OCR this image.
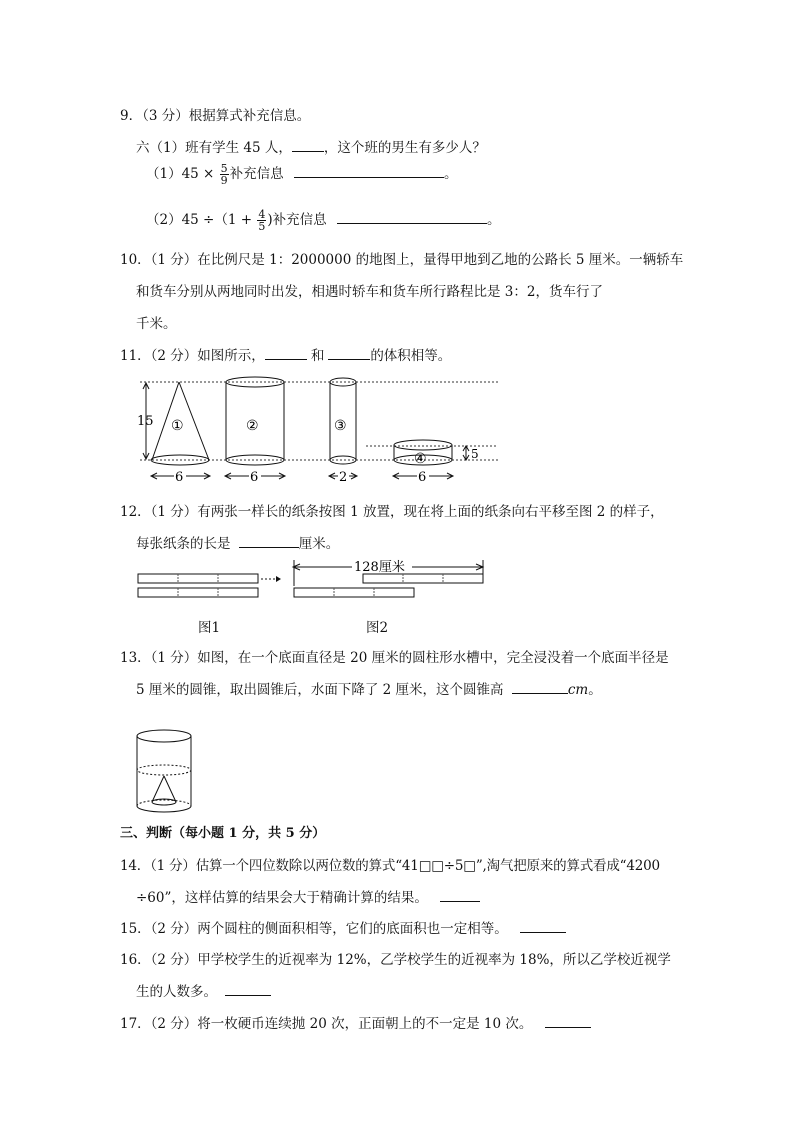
9．（3 分）根据算式补充信息。
六（1）班有学生 45 人， ，这个班的男生有多少人？
$(1)45 \times \frac{5}{9}$ 补充信息	。
$(2)45 \div(1 + \frac{4}{5}$ )补充信息	。
10．（1 分）在比例尺是 1：2000000 的地图上，量得甲地到乙地的公路长 5 厘米。一辆轿车
和货车分别从两地同时出发，相遇时轿车和货车所行路程比是 3：2，货车行了
千米。
11．（2 分）如图所示，	和	的体积相等。
15 ①	②	③
④	5
6	6	2	6
12．（1 分）有两张一样长的纸条按图 1 放置，现在将上面的纸条向右平移至图 2 的样子，
每张纸条的长是	厘米。
128厘米
图1	图2
13．（1 分）如图，在一个底面直径是 20 厘米的圆柱形水槽中，完全浸没着一个底面半径是
5 厘米的圆锥，取出圆锥后，水面下降了 2 厘米，这个圆锥高	cm。
三、判断（每小题 1 分，共 5 分）
14．（1 分）估算一个四位数除以两位数的算式“41□□÷5□”,淘气把原来的算式看成“4200
÷60”，这样估算的结果会大于精确计算的结果。
15．（2 分）两个圆柱的侧面积相等，它们的底面积也一定相等。
16．（2 分）甲学校学生的近视率为 12%，乙学校学生的近视率为 18%，所以乙学校近视学
生的人数多。
17．（2 分）将一枚硬币连续抛 20 次，正面朝上的不一定是 10 次。
